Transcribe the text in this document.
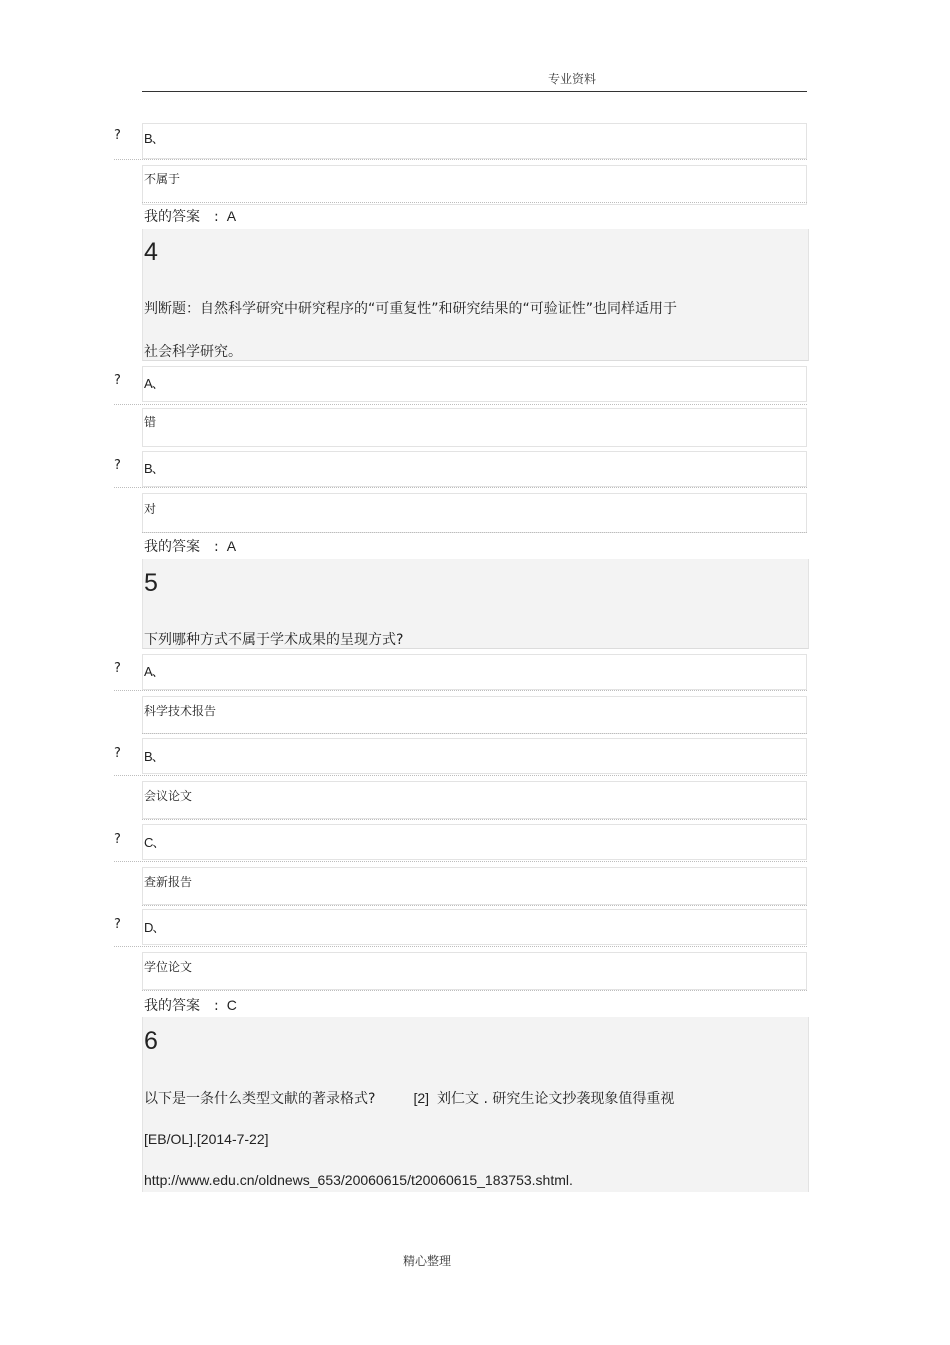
专业资料
? B、
不属于
我的答案 : A
4
判断题：自然科学研究中研究程序的“可重复性”和研究结果的“可验证性”也同样适用于
社会科学研究。
? A、
错
? B、
对
我的答案 : A
5
下列哪种方式不属于学术成果的呈现方式?
? A、
科学技术报告
? B、
会议论文
? C、
查新报告
? D、
学位论文
我的答案 : C
6
以下是一条什么类型文献的著录格式?	[2] 刘仁文 . 研究生论文抄袭现象值得重视
[EB/OL].[2014-7-22]
http://www.edu.cn/oldnews_653/20060615/t20060615_183753.shtml.
精心整理
